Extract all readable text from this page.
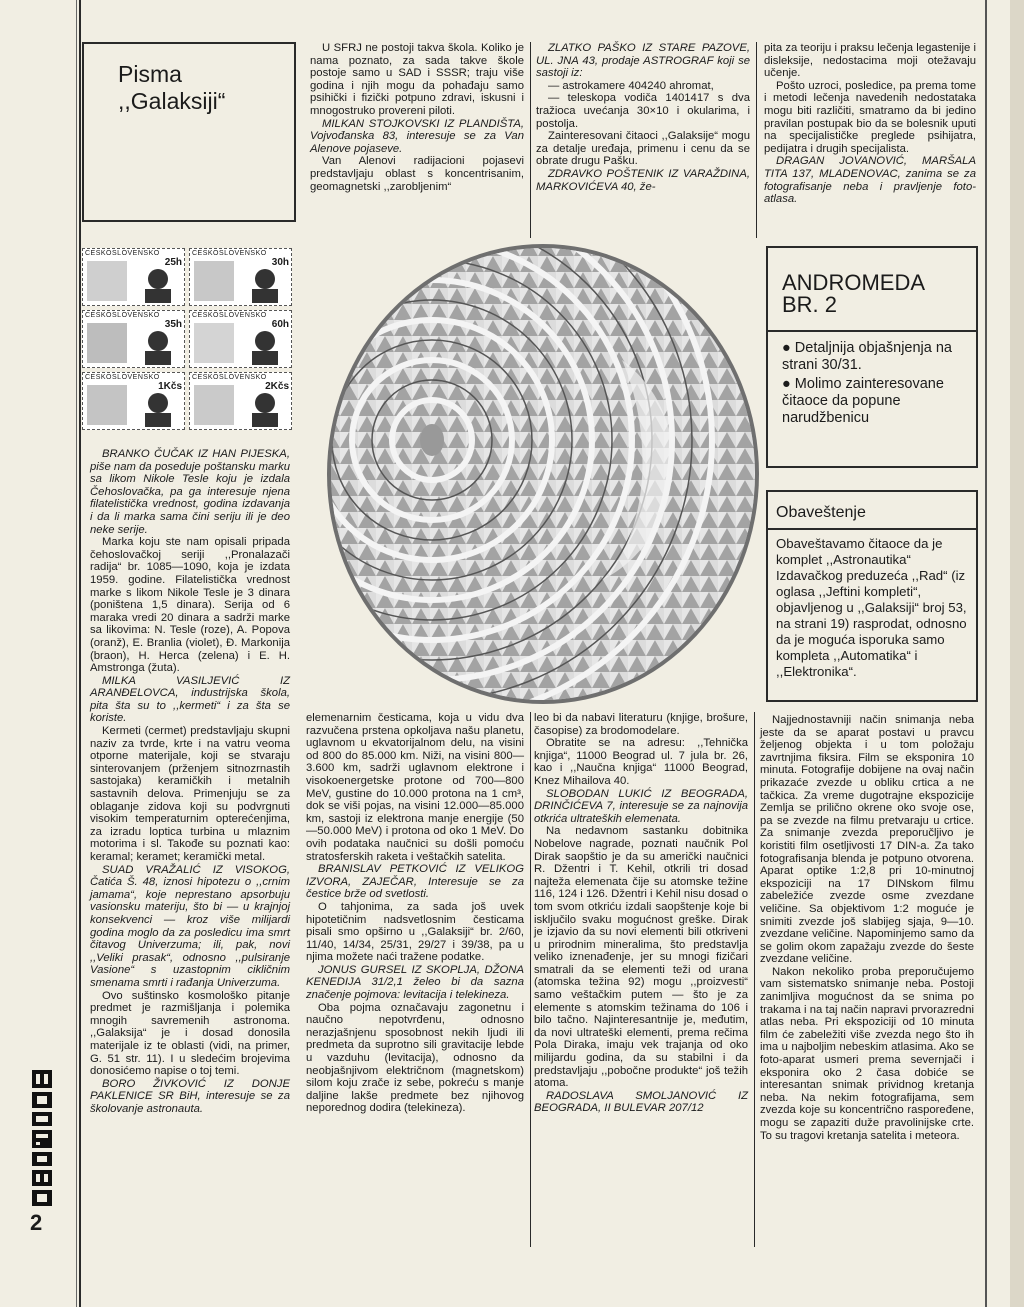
2
Pisma
,,Galaksiji“
ČESKOSLOVENSKO
25h
ČESKOSLOVENSKO
30h
ČESKOSLOVENSKO
35h
ČESKOSLOVENSKO
60h
ČESKOSLOVENSKO
1Kčs
ČESKOSLOVENSKO
2Kčs

BRANKO ČUČAK IZ HAN PIJESKA, piše nam da poseduje poštansku marku sa likom Nikole Tesle koju je izdala Čehoslovačka, pa ga interesuje njena filatelistička vrednost, godina izdavanja i da li marka sama čini seriju ili je deo neke serije.

Marka koju ste nam opisali pripada čehoslovačkoj seriji ,,Pronalazači radija“ br. 1085—1090, koja je izdata 1959. godine. Filatelistička vrednost marke s likom Nikole Tesle je 3 dinara (poništena 1,5 dinara). Serija od 6 maraka vredi 20 dinara a sadrži marke sa likovima: N. Tesle (roze), A. Popova (oranž), E. Branlia (violet), Đ. Markonija (braon), H. Herca (zelena) i E. H. Amstronga (žuta).

MILKA VASILJEVIĆ IZ ARANĐELOVCA, industrijska škola, pita šta su to ,,kermeti“ i za šta se koriste.

Kermeti (cermet) predstavljaju skupni naziv za tvrde, krte i na vatru veoma otporne materijale, koji se stvaraju sinterovanjem (prženjem sitnozrnastih sastojaka) keramičkih i metalnih sastavnih delova. Primenjuju se za oblaganje zidova koji su podvrgnuti visokim temperaturnim opterećenjima, za izradu loptica turbina u mlaznim motorima i sl. Takođe su poznati kao: keramal; keramet; keramički metal.

SUAD VRAŽALIĆ IZ VISOKOG, Čatića Š. 48, iznosi hipotezu o ,,crnim jamama“, koje neprestano apsorbuju vasionsku materiju, što bi — u krajnjoj konsekvenci — kroz više milijardi godina moglo da za posledicu ima smrt čitavog Univerzuma; ili, pak, novi ,,Veliki prasak“, odnosno ,,pulsiranje Vasione“ s uzastopnim cikličnim smenama smrti i rađanja Univerzuma.

Ovo suštinsko kosmološko pitanje predmet je razmišljanja i polemika mnogih savremenih astronoma. ,,Galaksija“ je i dosad donosila materijale iz te oblasti (vidi, na primer, G. 51 str. 11). I u sledećim brojevima donosićemo napise o toj temi.

BORO ŽIVKOVIĆ IZ DONJE PAKLENICE SR BiH, interesuje se za školovanje astronauta.

U SFRJ ne postoji takva škola. Koliko je nama poznato, za sada takve škole postoje samo u SAD i SSSR; traju više godina i njih mogu da pohađaju samo psihički i fizički potpuno zdravi, iskusni i mnogostruko provereni piloti.

MILKAN STOJKOVSKI IZ PLANDIŠTA, Vojvođanska 83, interesuje se za Van Alenove pojaseve.

Van Alenovi radijacioni pojasevi predstavljaju oblast s koncentrisanim, geomagnetski ,,zarobljenim“

ZLATKO PAŠKO IZ STARE PAZOVE, UL. JNA 43, prodaje ASTROGRAF koji se sastoji iz:

— astrokamere 404240 ahromat,

— teleskopa vodiča 1401417 s dva tražioca uvećanja 30×10 i okularima, i postolja.

Zainteresovani čitaoci ,,Galaksije“ mogu za detalje uređaja, primenu i cenu da se obrate drugu Pašku.

ZDRAVKO POŠTENIK IZ VARAŽDINA, MARKOVIĆEVA 40, že-

pita za teoriju i praksu lečenja legastenije i disleksije, nedostacima moji otežavaju učenje.

Pošto uzroci, posledice, pa prema tome i metodi lečenja navedenih nedostataka mogu biti različiti, smatramo da bi jedino pravilan postupak bio da se bolesnik uputi na specijalističke preglede psihijatra, pedijatra i drugih specijalista.

DRAGAN JOVANOVIĆ, MARŠALA TITA 137, MLADENOVAC, zanima se za fotografisanje neba i pravljenje foto-atlasa.

ANDROMEDA
BR. 2
● Detaljnija objašnjenja na strani 30/31.
● Molimo zainteresovane čitaoce da popune narudžbenicu
Obaveštenje
Obaveštavamo čitaoce da je komplet ,,Astronautika“ Izdavačkog preduzeća ,,Rad“ (iz oglasa ,,Jeftini kompleti“, objavljenog u ,,Galaksiji“ broj 53, na strani 19) rasprodat, odnosno da je moguća isporuka samo kompleta ,,Automatika“ i ,,Elektronika“.

elemenarnim česticama, koja u vidu dva razvučena prstena opkoljava našu planetu, uglavnom u ekvatorijalnom delu, na visini od 800 do 85.000 km. Niži, na visini 800—3.600 km, sadrži uglavnom elektrone i visokoenergetske protone od 700—800 MeV, gustine do 10.000 protona na 1 cm³, dok se viši pojas, na visini 12.000—85.000 km, sastoji iz elektrona manje energije (50—50.000 MeV) i protona od oko 1 MeV. Do ovih podataka naučnici su došli pomoću stratosferskih raketa i veštačkih satelita.

BRANISLAV PETKOVIĆ IZ VELIKOG IZVORA, ZAJEČAR, Interesuje se za čestice brže od svetlosti.

O tahjonima, za sada još uvek hipotetičnim nadsvetlosnim česticama pisali smo opširno u ,,Galaksiji“ br. 2/60, 11/40, 14/34, 25/31, 29/27 i 39/38, pa u njima možete naći tražene podatke.

JONUS GURSEL IZ SKOPLJA, DŽONA KENEDIJA 31/2,1 želeo bi da sazna značenje pojmova: levitacija i telekineza.

Oba pojma označavaju zagonetnu i naučno nepotvrđenu, odnosno nerazjašnjenu sposobnost nekih ljudi ili predmeta da suprotno sili gravitacije lebde u vazduhu (levitacija), odnosno da neobjašnjivom električnom (magnetskom) silom koju zrače iz sebe, pokreću s manje daljine lakše predmete bez njihovog neporednog dodira (telekineza).

leo bi da nabavi literaturu (knjige, brošure, časopise) za brodomodelare.

Obratite se na adresu: ,,Tehnička knjiga“, 11000 Beograd ul. 7 jula br. 26, kao i ,,Naučna knjiga“ 11000 Beograd, Knez Mihailova 40.

SLOBODAN LUKIĆ IZ BEOGRADA, DRINČIĆEVA 7, interesuje se za najnovija otkrića ultrateških elemenata.

Na nedavnom sastanku dobitnika Nobelove nagrade, poznati naučnik Pol Dirak saopštio je da su američki naučnici R. Džentri i T. Kehil, otkrili tri dosad najteža elemenata čije su atomske težine 116, 124 i 126. Džentri i Kehil nisu dosad o tom svom otkriću izdali saopštenje koje bi isključilo svaku mogućnost greške. Dirak je izjavio da su novi elementi bili otkriveni u prirodnim mineralima, što predstavlja veliko iznenađenje, jer su mnogi fizičari smatrali da se elementi teži od urana (atomska težina 92) mogu ,,proizvesti“ samo veštačkim putem — što je za elemente s atomskim težinama do 106 i bilo tačno. Najinteresantnije je, međutim, da novi ultrateški elementi, prema rečima Pola Diraka, imaju vek trajanja od oko milijardu godina, da su stabilni i da predstavljaju ,,pobočne produkte“ još težih atoma.

RADOSLAVA SMOLJANOVIĆ IZ BEOGRADA, II BULEVAR 207/12

Najjednostavniji način snimanja neba jeste da se aparat postavi u pravcu željenog objekta i u tom položaju zavrtnjima fiksira. Film se eksponira 10 minuta. Fotografije dobijene na ovaj način prikazaće zvezde u obliku crtica a ne tačkica. Za vreme dugotrajne ekspozicije Zemlja se prilično okrene oko svoje ose, pa se zvezde na filmu pretvaraju u crtice. Za snimanje zvezda preporučljivo je koristiti film osetljivosti 17 DIN-a. Za tako fotografisanja blenda je potpuno otvorena. Aparat optike 1:2,8 pri 10-minutnoj ekspoziciji na 17 DINskom filmu zabeležiće zvezde osme zvezdane veličine. Sa objektivom 1:2 moguće je snimiti zvezde još slabijeg sjaja, 9—10. zvezdane veličine. Napominjemo samo da se golim okom zapažaju zvezde do šeste zvezdane veličine.

Nakon nekoliko proba preporučujemo vam sistematsko snimanje neba. Postoji zanimljiva mogućnost da se snima po trakama i na taj način napravi prvorazredni atlas neba. Pri ekspoziciji od 10 minuta film će zabeležiti više zvezda nego što ih ima u najboljim nebeskim atlasima. Ako se foto-aparat usmeri prema severnjači i eksponira oko 2 časa dobiće se interesantan snimak prividnog kretanja neba. Na nekim fotografijama, sem zvezda koje su koncentrično raspoređene, mogu se zapaziti duže pravolinijske crte. To su tragovi kretanja satelita i meteora.
